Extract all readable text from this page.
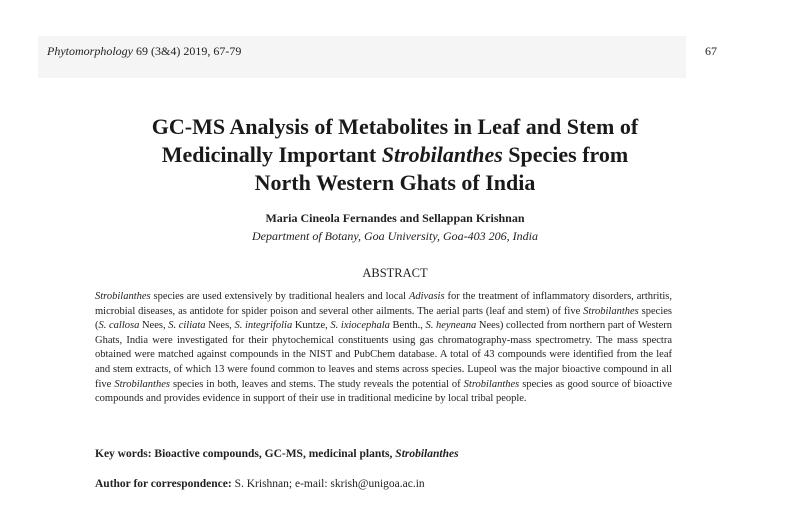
Phytomorphology 69 (3&4) 2019, 67-79	67
GC-MS Analysis of Metabolites in Leaf and Stem of
Medicinally Important Strobilanthes Species from
North Western Ghats of India
Maria Cineola Fernandes and Sellappan Krishnan
Department of Botany, Goa University, Goa-403 206, India
ABSTRACT
Strobilanthes species are used extensively by traditional healers and local Adivasis for the treatment of inflammatory disorders, arthritis, microbial diseases, as antidote for spider poison and several other ailments. The aerial parts (leaf and stem) of five Strobilanthes species (S. callosa Nees, S. ciliata Nees, S. integrifolia Kuntze, S. ixiocephala Benth., S. heyneana Nees) collected from northern part of Western Ghats, India were investigated for their phytochemical constituents using gas chromatography-mass spectrometry. The mass spectra obtained were matched against compounds in the NIST and PubChem database. A total of 43 compounds were identified from the leaf and stem extracts, of which 13 were found common to leaves and stems across species. Lupeol was the major bioactive compound in all five Strobilanthes species in both, leaves and stems. The study reveals the potential of Strobilanthes species as good source of bioactive compounds and provides evidence in support of their use in traditional medicine by local tribal people.
Key words: Bioactive compounds, GC-MS, medicinal plants, Strobilanthes
Author for correspondence: S. Krishnan; e-mail: skrish@unigoa.ac.in
